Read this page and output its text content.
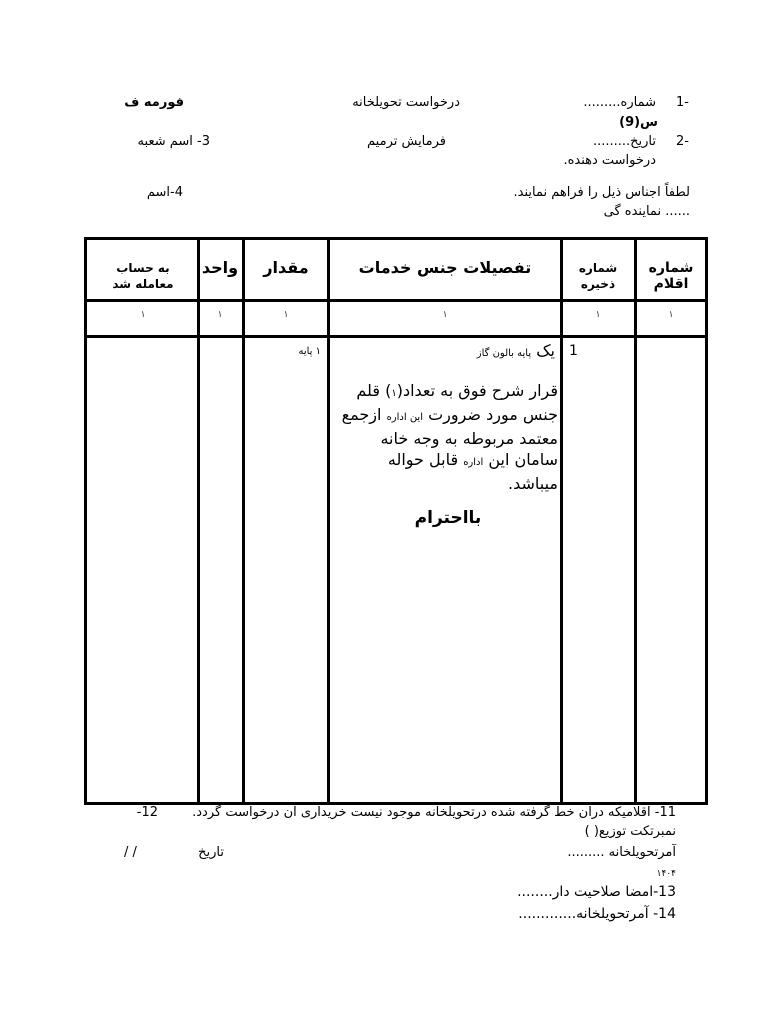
1-
شماره.........
درخواست تحویلخانه
فورمه ف
س(9)
2-
تاریخ.........
فرمایش ترمیم
3- اسم شعبه
درخواست دهنده.
لطفاً اجناس ذیل را فراهم نمایند.
4-اسم
...... نماینده گی
شماره اقلام
شماره ذخیره
تفصیلات جنس خدمات
مقدار
واحد
به حساب معامله شد
۱
۱
۱
۱
۱
۱
1
یک پایه بالون گاز
۱ پایه
قرار شرح فوق به تعداد(۱) قلم جنس مورد ضرورت این اداره ازجمع معتمد مربوطه به وجه خانه سامان این اداره قابل حواله میباشد.
بااحترام
11- اقلامیکه دران خط گرفته شده درتحویلخانه موجود نیست خریداری آن درخواست گردد.
12-
نمبرتکت توزیع( )
آمرتحویلخانه .........
تاریخ
/ /
۱۴۰۴
13-امضا صلاحیت دار........
14- آمرتحویلخانه.............
